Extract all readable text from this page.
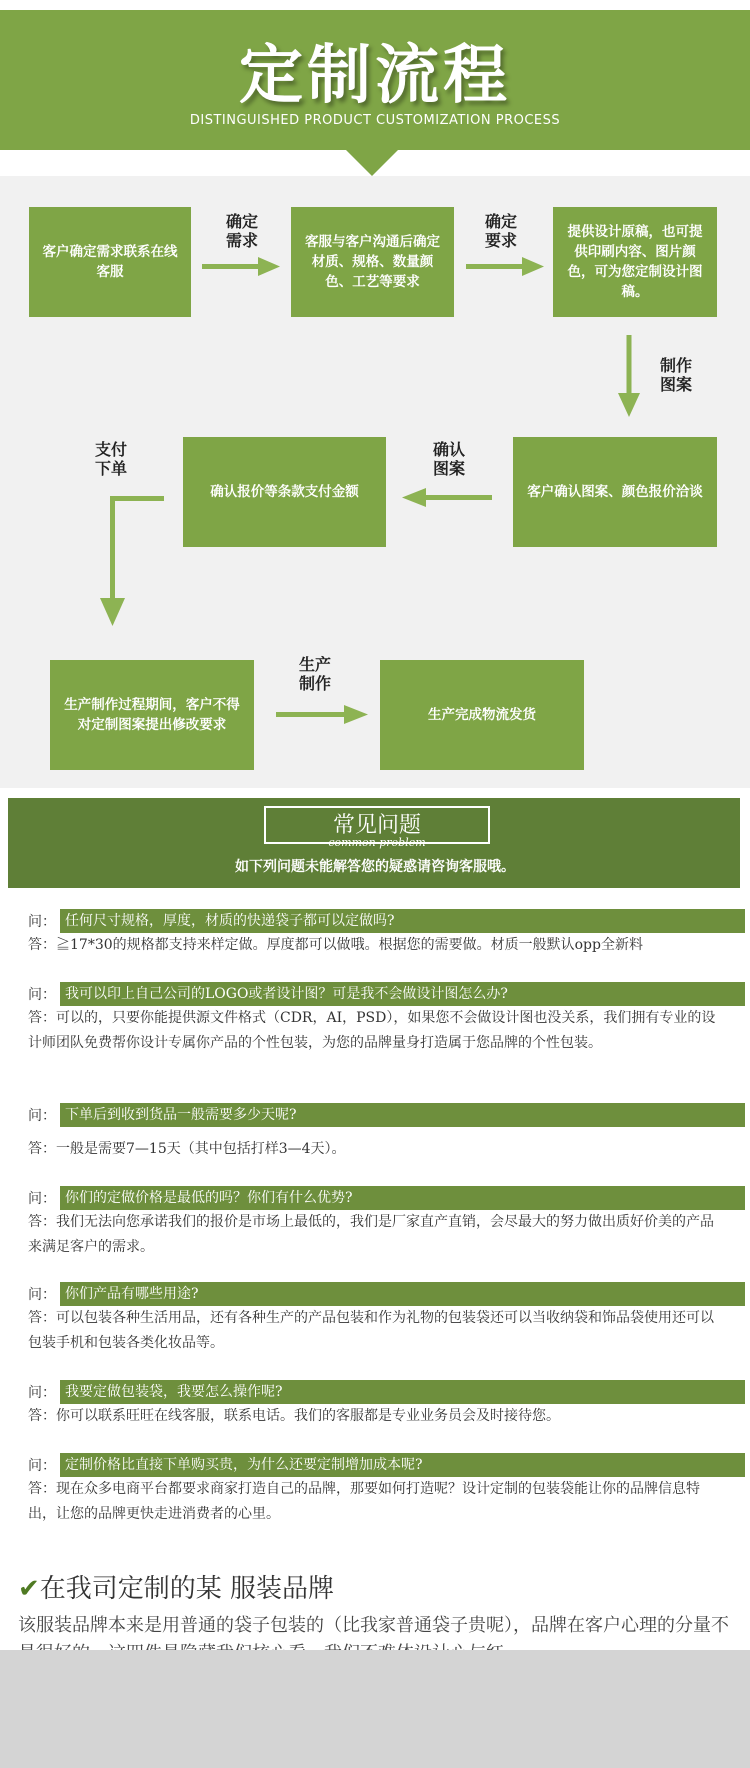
定制流程
DISTINGUISHED PRODUCT CUSTOMIZATION PROCESS
客户确定需求联系在线客服
确定
需求	客服与客户沟通后确定材质、规格、数量颜色、工艺等要求
确定
要求	提供设计原稿，也可提供印刷内容、图片颜色，可为您定制设计图稿。
制作
图案
确认报价等条款支付金额
确认
图案
客户确认图案、颜色报价洽谈
支付
下单
生产制作过程期间，客户不得对定制图案提出修改要求
生产
制作
生产完成物流发货
常见问题
common problem
如下列问题未能解答您的疑惑请咨询客服哦。
问： 任何尺寸规格，厚度，材质的快递袋子都可以定做吗?
答：≧17*30的规格都支持来样定做。厚度都可以做哦。根据您的需要做。材质一般默认opp全新料
问： 我可以印上自己公司的LOGO或者设计图？可是我不会做设计图怎么办?
答：可以的，只要你能提供源文件格式（CDR，AI，PSD），如果您不会做设计图也没关系，我们拥有专业的设计师团队免费帮你设计专属你产品的个性包装，为您的品牌量身打造属于您品牌的个性包装。
问： 下单后到收到货品一般需要多少天呢?
答：一般是需要7—15天（其中包括打样3—4天）。
问： 你们的定做价格是最低的吗？你们有什么优势?
答：我们无法向您承诺我们的报价是市场上最低的，我们是厂家直产直销，会尽最大的努力做出质好价美的产品来满足客户的需求。
问： 你们产品有哪些用途?
答：可以包装各种生活用品，还有各种生产的产品包装和作为礼物的包装袋还可以当收纳袋和饰品袋使用还可以包装手机和包装各类化妆品等。
问： 我要定做包装袋，我要怎么操作呢?
答：你可以联系旺旺在线客服，联系电话。我们的客服都是专业业务员会及时接待您。
问： 定制价格比直接下单购买贵，为什么还要定制增加成本呢?
答：现在众多电商平台都要求商家打造自己的品牌，那要如何打造呢？设计定制的包装袋能让你的品牌信息特出，让您的品牌更快走进消费者的心里。
✔在我司定制的某 服装品牌
该服装品牌本来是用普通的袋子包装的（比我家普通袋子贵呢），品牌在客户心理的分量不
